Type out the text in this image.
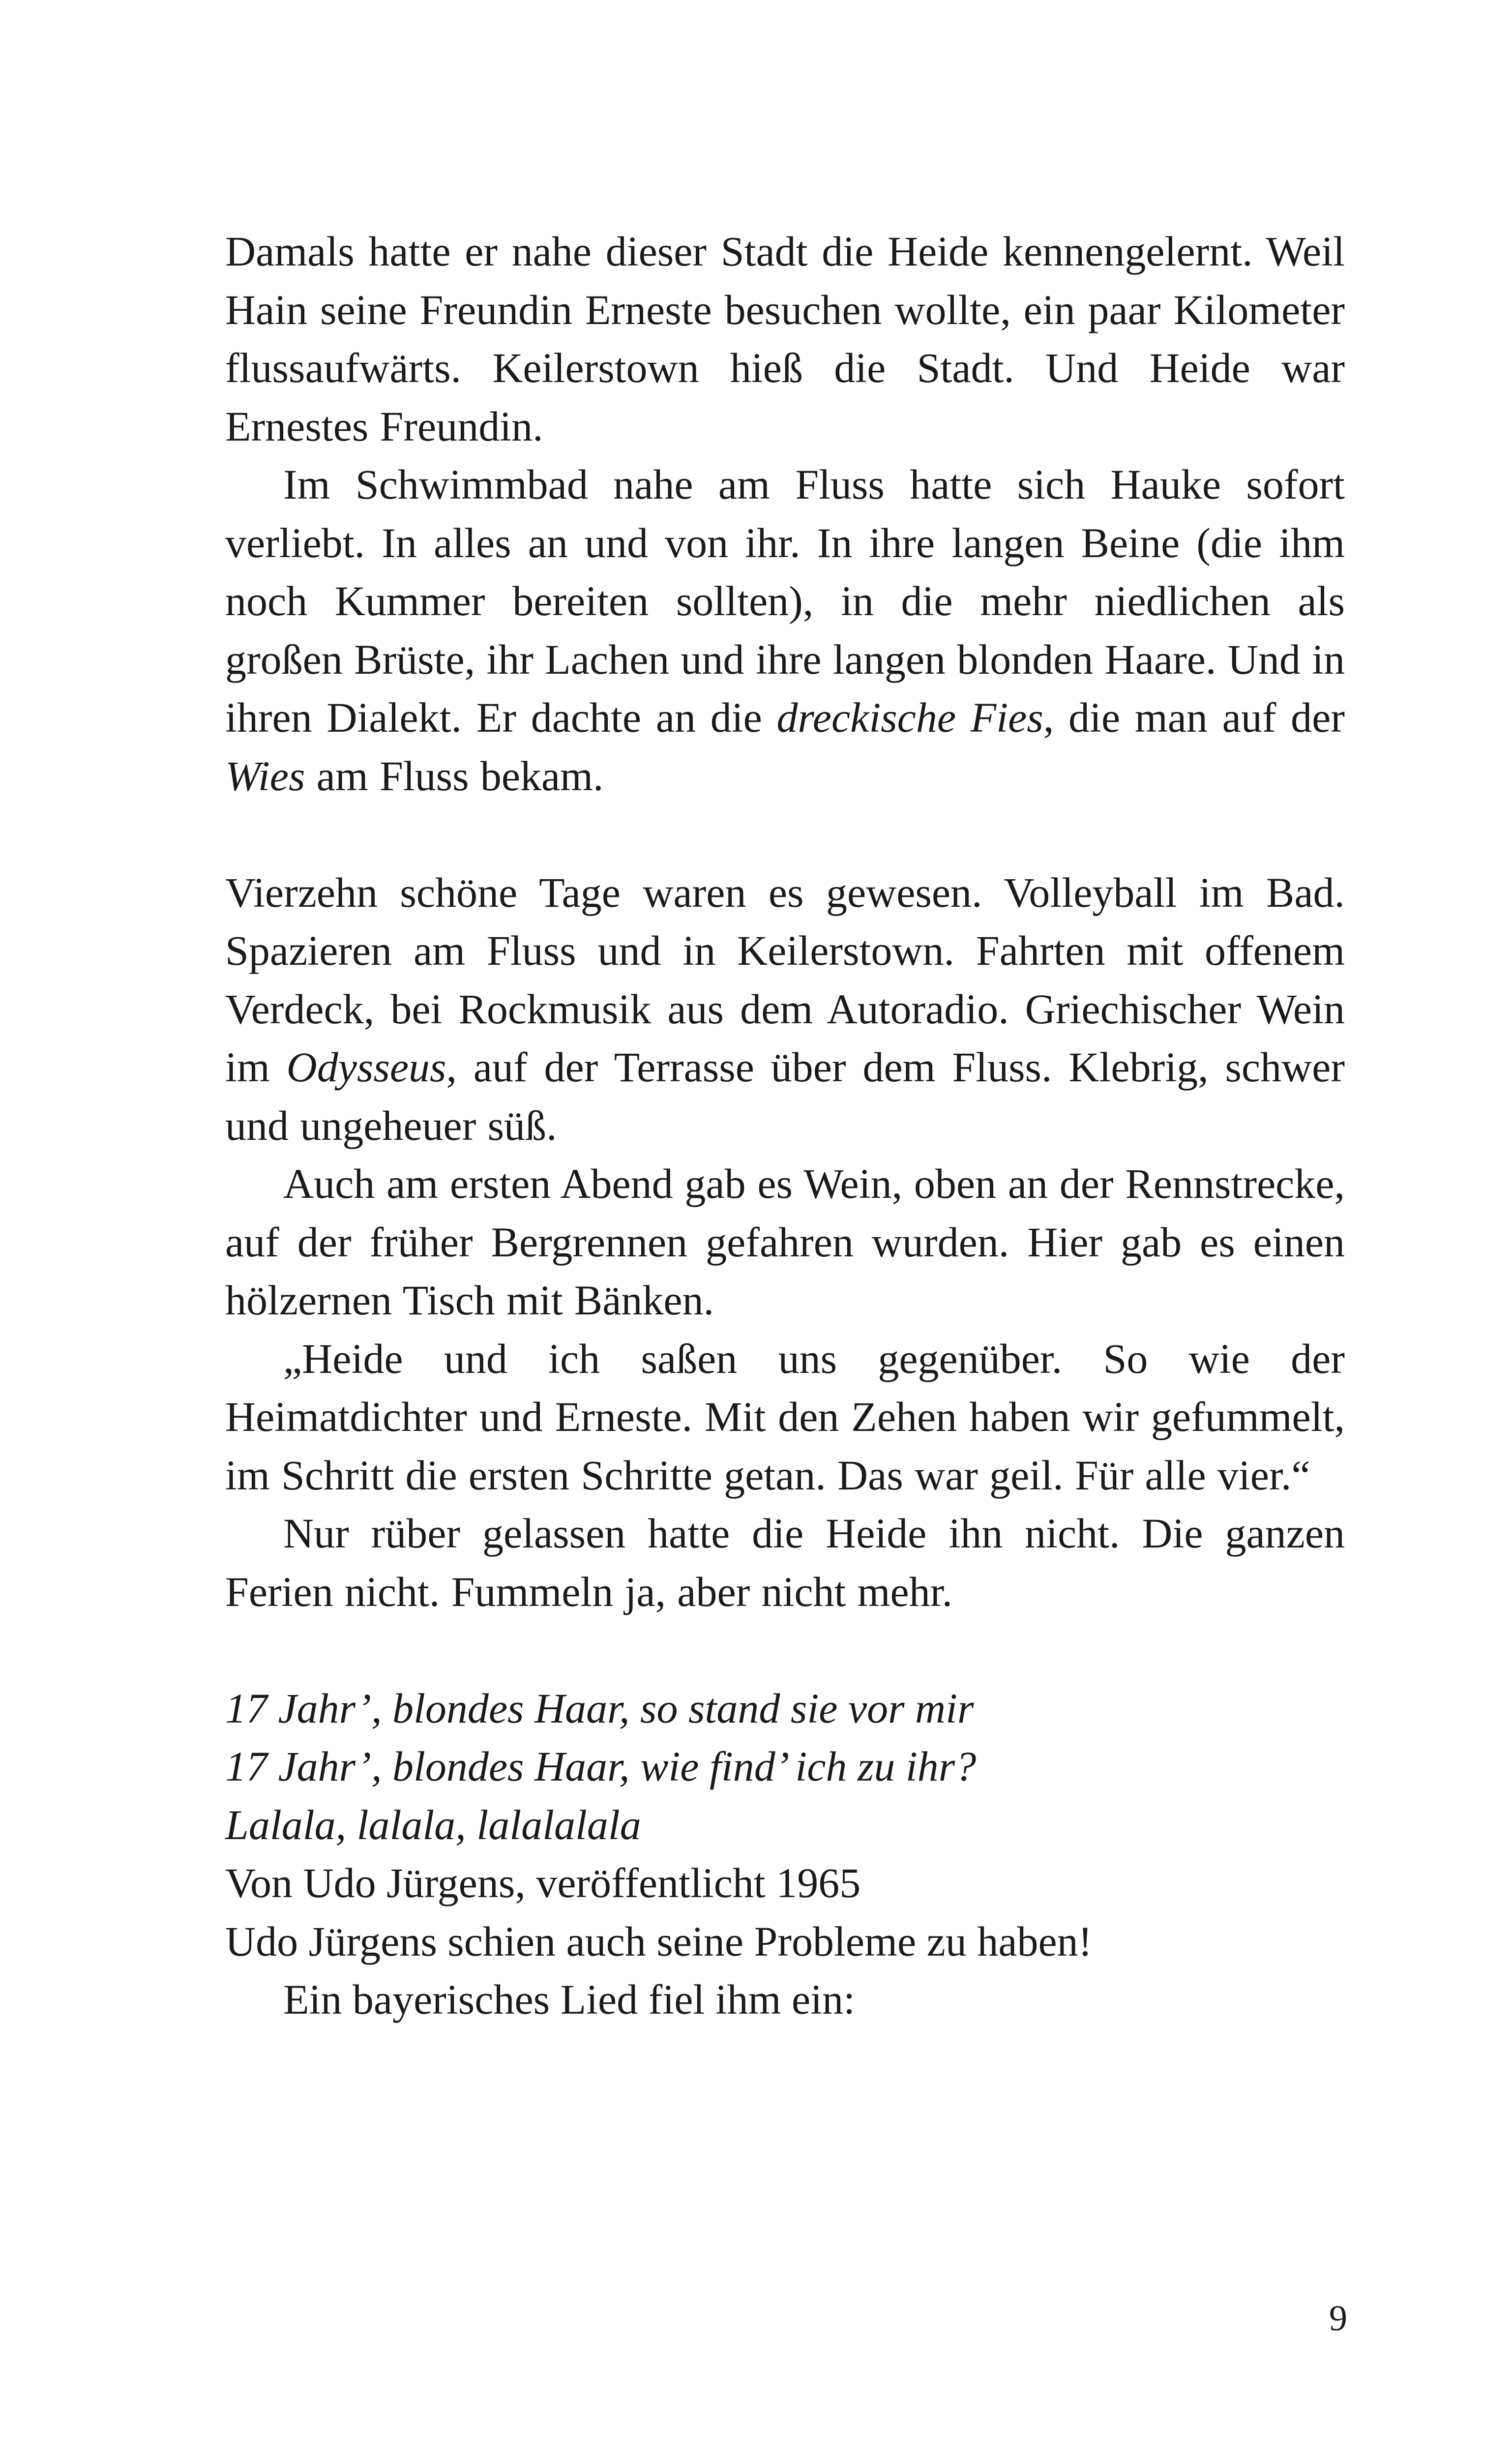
Damals hatte er nahe dieser Stadt die Heide kennengelernt. Weil Hain seine Freundin Erneste besuchen wollte, ein paar Kilometer flussaufwärts. Keilerstown hieß die Stadt. Und Heide war Ernestes Freundin.

Im Schwimmbad nahe am Fluss hatte sich Hauke sofort verliebt. In alles an und von ihr. In ihre langen Beine (die ihm noch Kummer bereiten sollten), in die mehr niedlichen als großen Brüste, ihr Lachen und ihre langen blonden Haare. Und in ihren Dialekt. Er dachte an die dreckische Fies, die man auf der Wies am Fluss bekam.

Vierzehn schöne Tage waren es gewesen. Volleyball im Bad. Spazieren am Fluss und in Keilerstown. Fahrten mit offenem Verdeck, bei Rockmusik aus dem Autoradio. Griechischer Wein im Odysseus, auf der Terrasse über dem Fluss. Klebrig, schwer und ungeheuer süß.

Auch am ersten Abend gab es Wein, oben an der Rennstrecke, auf der früher Bergrennen gefahren wurden. Hier gab es einen hölzernen Tisch mit Bänken.

„Heide und ich saßen uns gegenüber. So wie der Heimatdichter und Erneste. Mit den Zehen haben wir gefummelt, im Schritt die ersten Schritte getan. Das war geil. Für alle vier.“

Nur rüber gelassen hatte die Heide ihn nicht. Die ganzen Ferien nicht. Fummeln ja, aber nicht mehr.

17 Jahr’, blondes Haar, so stand sie vor mir
17 Jahr’, blondes Haar, wie find’ ich zu ihr?
Lalala, lalala, lalalalala

Von Udo Jürgens, veröffentlicht 1965

Udo Jürgens schien auch seine Probleme zu haben!

Ein bayerisches Lied fiel ihm ein:

9
